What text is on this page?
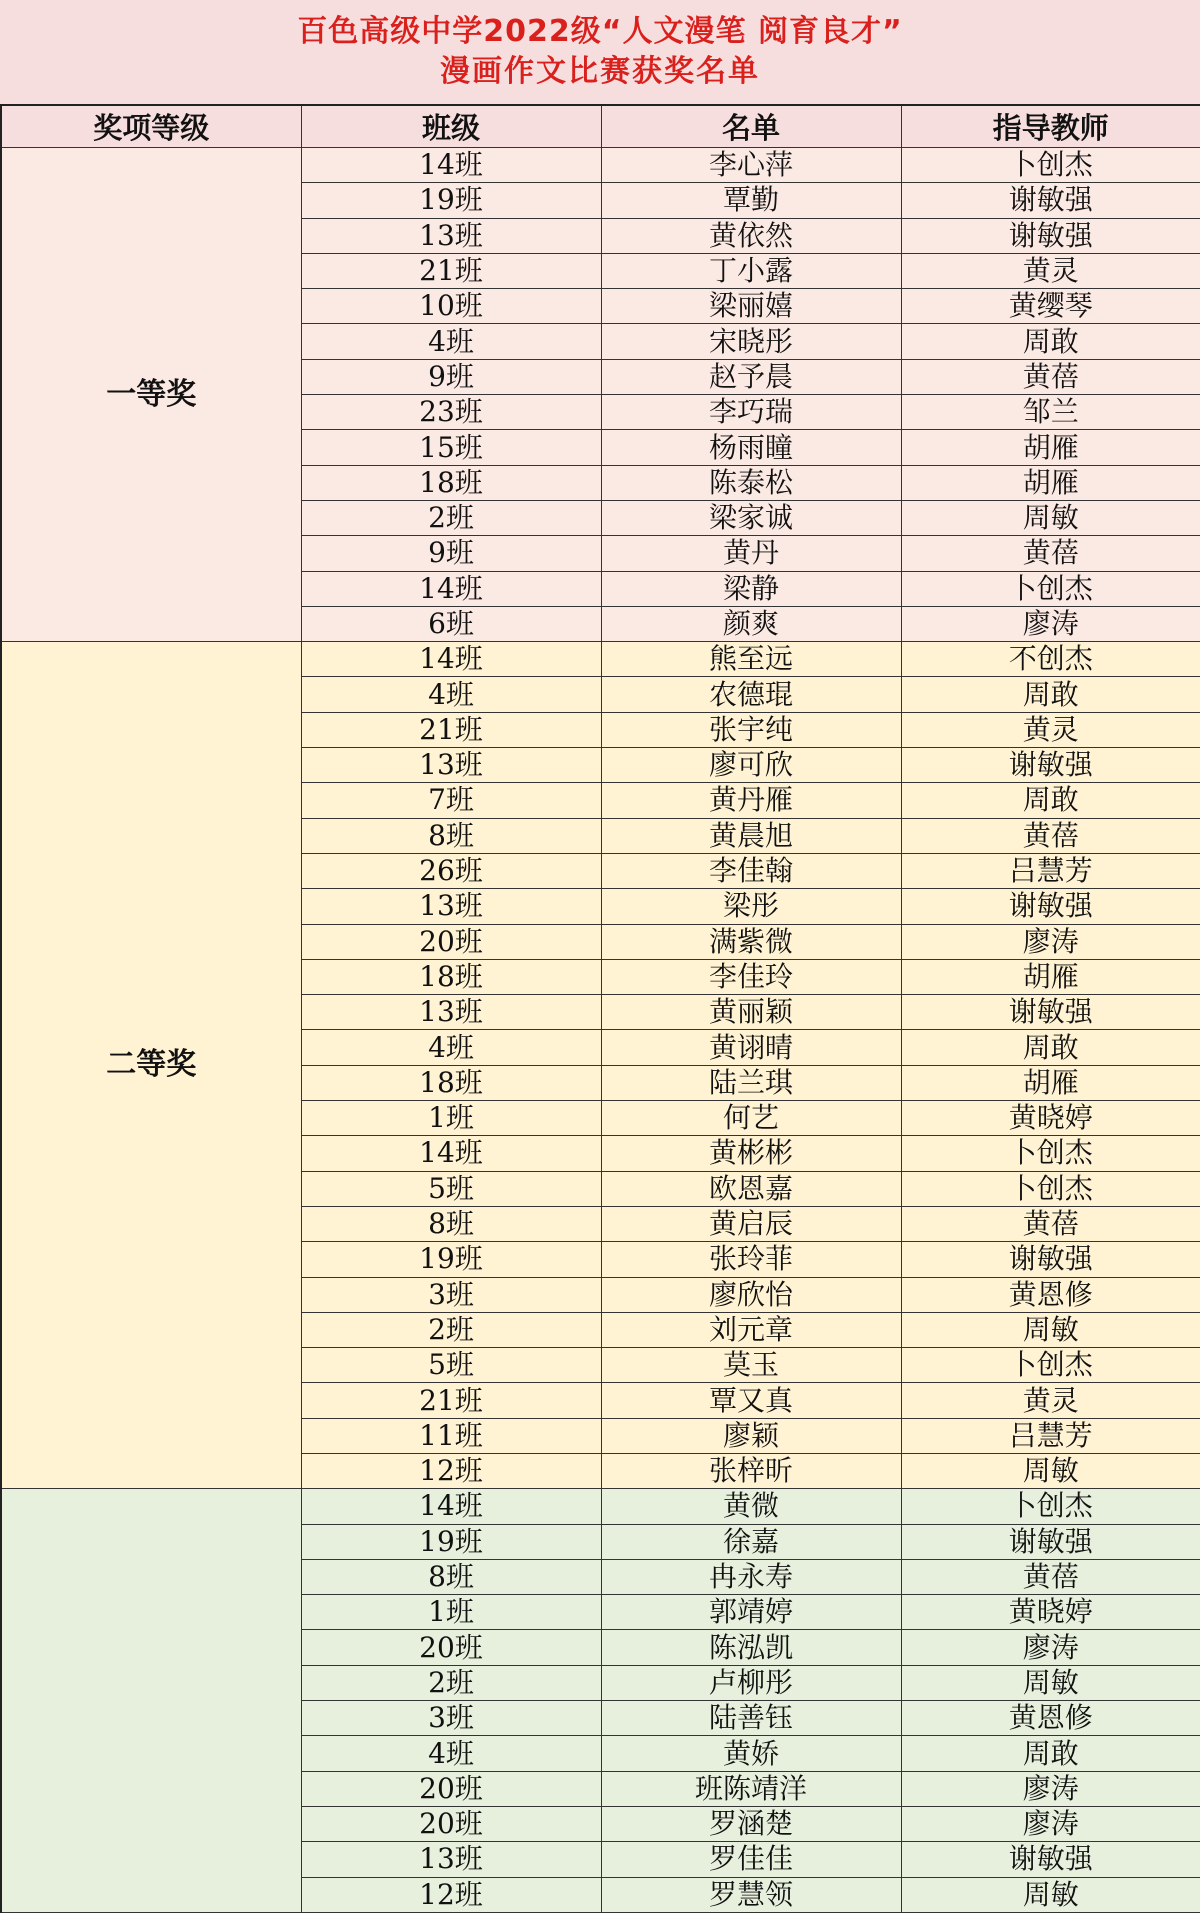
百色高级中学2022级“人文漫笔 阅育良才”
漫画作文比赛获奖名单
奖项等级	班级	名单	指导教师
一等奖	14班	李心萍	卜创杰
	19班	覃勤	谢敏强
	13班	黄依然	谢敏强
	21班	丁小露	黄灵
	10班	梁丽嬉	黄缨琴
	4班	宋晓彤	周敢
	9班	赵予晨	黄蓓
	23班	李巧瑞	邹兰
	15班	杨雨瞳	胡雁
	18班	陈泰松	胡雁
	2班	梁家诚	周敏
	9班	黄丹	黄蓓
	14班	梁静	卜创杰
	6班	颜爽	廖涛
二等奖	14班	熊至远	不创杰
	4班	农德琨	周敢
	21班	张宇纯	黄灵
	13班	廖可欣	谢敏强
	7班	黄丹雁	周敢
	8班	黄晨旭	黄蓓
	26班	李佳翰	吕慧芳
	13班	梁彤	谢敏强
	20班	满紫微	廖涛
	18班	李佳玲	胡雁
	13班	黄丽颖	谢敏强
	4班	黄诩晴	周敢
	18班	陆兰琪	胡雁
	1班	何艺	黄晓婷
	14班	黄彬彬	卜创杰
	5班	欧恩嘉	卜创杰
	8班	黄启辰	黄蓓
	19班	张玲菲	谢敏强
	3班	廖欣怡	黄恩修
	2班	刘元章	周敏
	5班	莫玉	卜创杰
	21班	覃又真	黄灵
	11班	廖颖	吕慧芳
	12班	张梓昕	周敏
	14班	黄微	卜创杰
	19班	徐嘉	谢敏强
	8班	冉永寿	黄蓓
	1班	郭靖婷	黄晓婷
	20班	陈泓凯	廖涛
	2班	卢柳彤	周敏
	3班	陆善钰	黄恩修
	4班	黄娇	周敢
	20班	班陈靖洋	廖涛
	20班	罗涵楚	廖涛
	13班	罗佳佳	谢敏强
	12班	罗慧领	周敏
